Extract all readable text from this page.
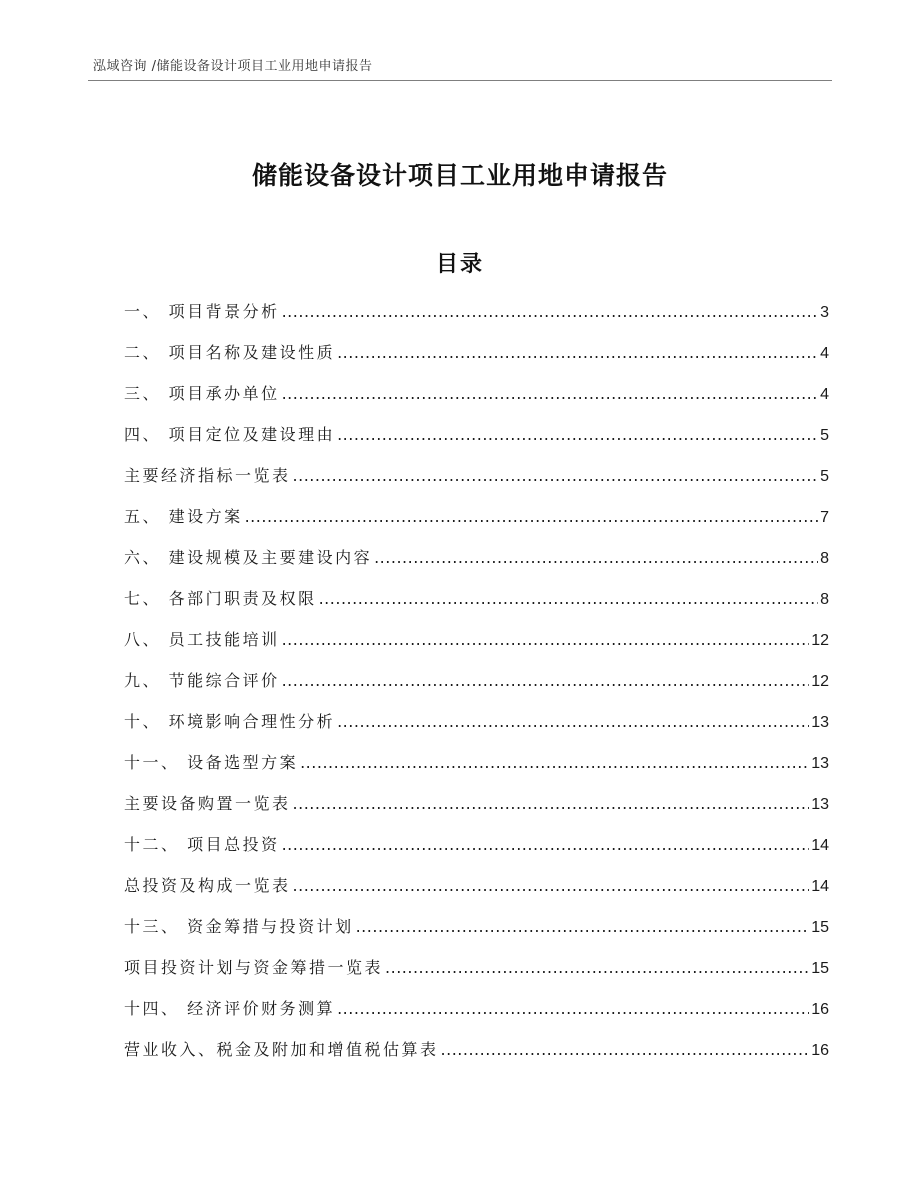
泓域咨询 /储能设备设计项目工业用地申请报告
储能设备设计项目工业用地申请报告
目录
一、 项目背景分析 .....	3
二、 项目名称及建设性质 .....	4
三、 项目承办单位 .....	4
四、 项目定位及建设理由 .....	5
主要经济指标一览表 .....	5
五、 建设方案 .....	7
六、 建设规模及主要建设内容 .....	8
七、 各部门职责及权限 .....	8
八、 员工技能培训 .....	12
九、 节能综合评价 .....	12
十、 环境影响合理性分析 .....	13
十一、 设备选型方案 .....	13
主要设备购置一览表 .....	13
十二、 项目总投资 .....	14
总投资及构成一览表 .....	14
十三、 资金筹措与投资计划 .....	15
项目投资计划与资金筹措一览表 .....	15
十四、 经济评价财务测算 .....	16
营业收入、税金及附加和增值税估算表 .....	16
